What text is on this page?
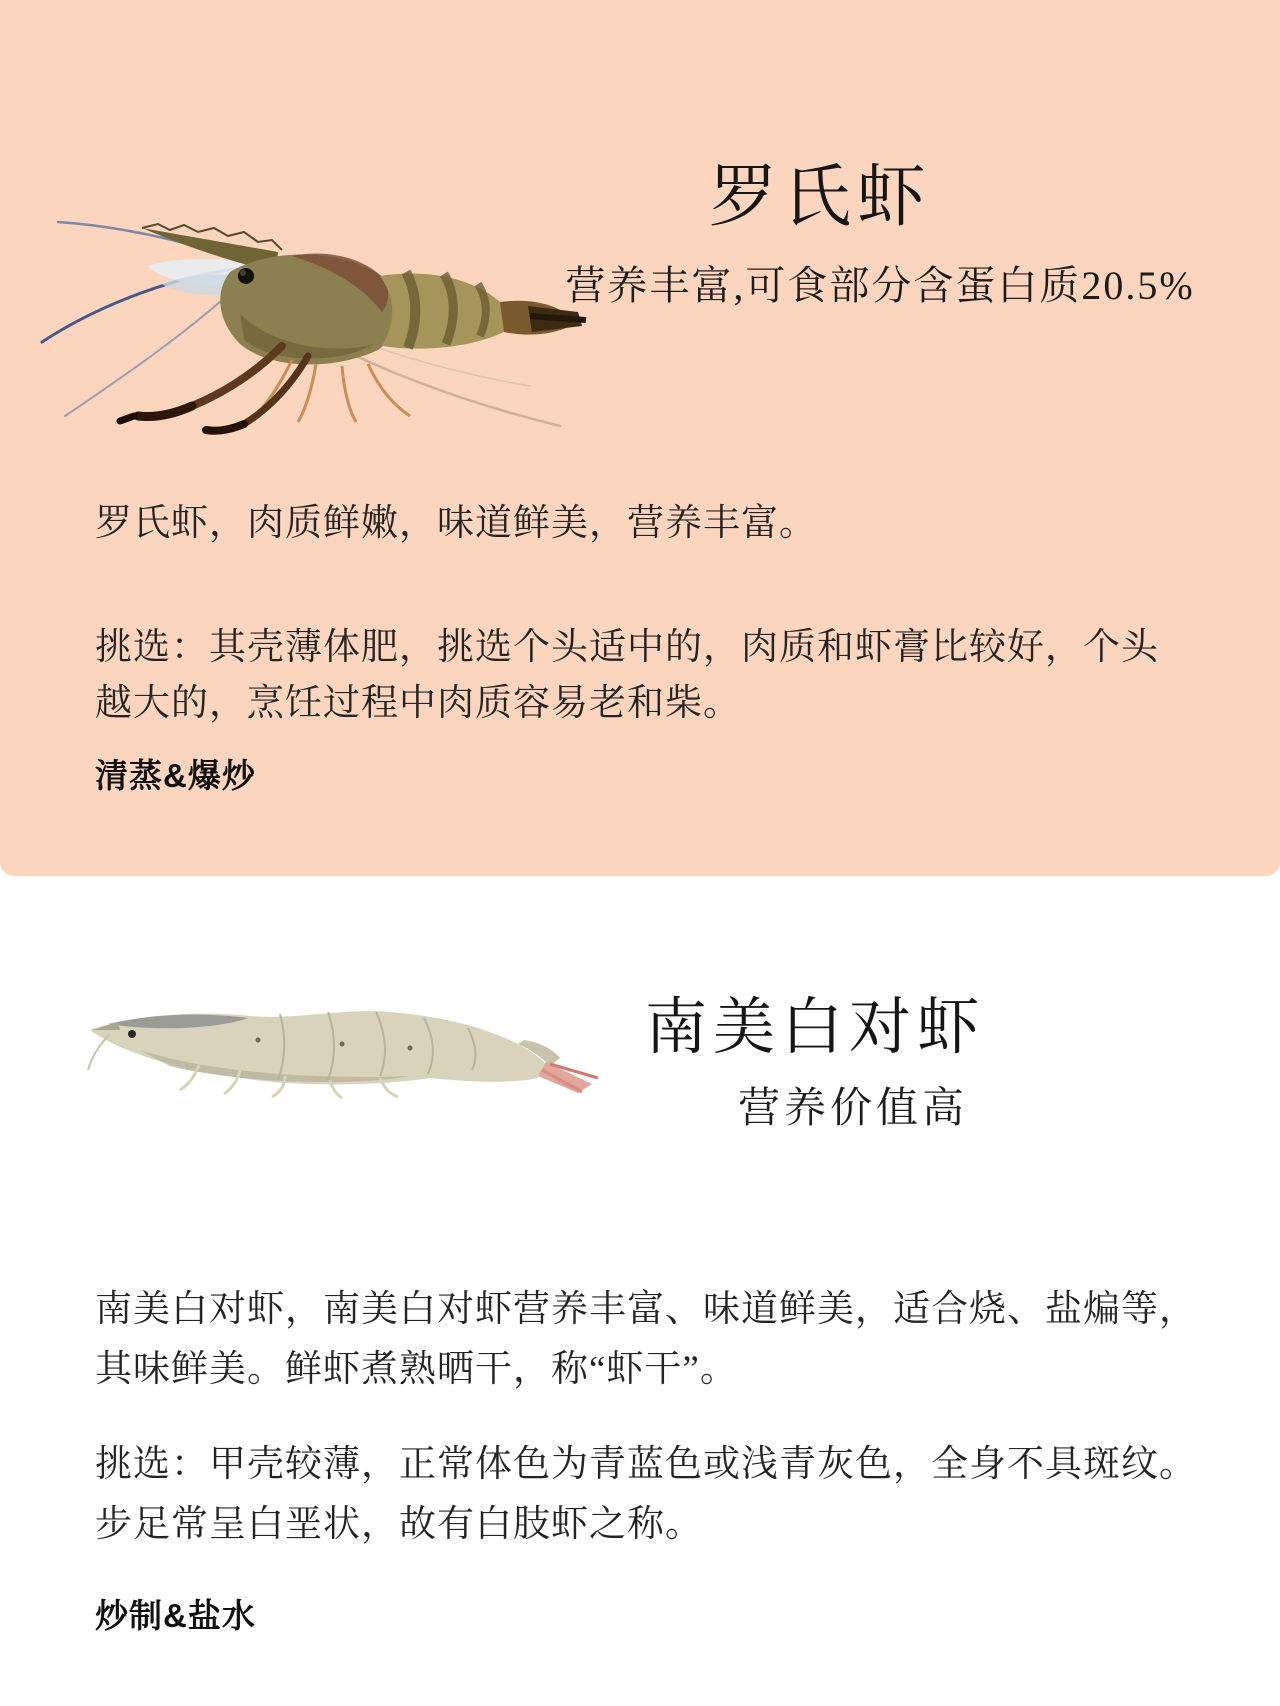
罗氏虾
营养丰富,可食部分含蛋白质20.5%
罗氏虾，肉质鲜嫩，味道鲜美，营养丰富。
挑选：其壳薄体肥，挑选个头适中的，肉质和虾膏比较好，个头
越大的，烹饪过程中肉质容易老和柴。
清蒸&爆炒
南美白对虾
营养价值高
南美白对虾，南美白对虾营养丰富、味道鲜美，适合烧、盐煸等，
其味鲜美。鲜虾煮熟晒干，称“虾干”。
挑选：甲壳较薄，正常体色为青蓝色或浅青灰色，全身不具斑纹。
步足常呈白垩状，故有白肢虾之称。
炒制&盐水
